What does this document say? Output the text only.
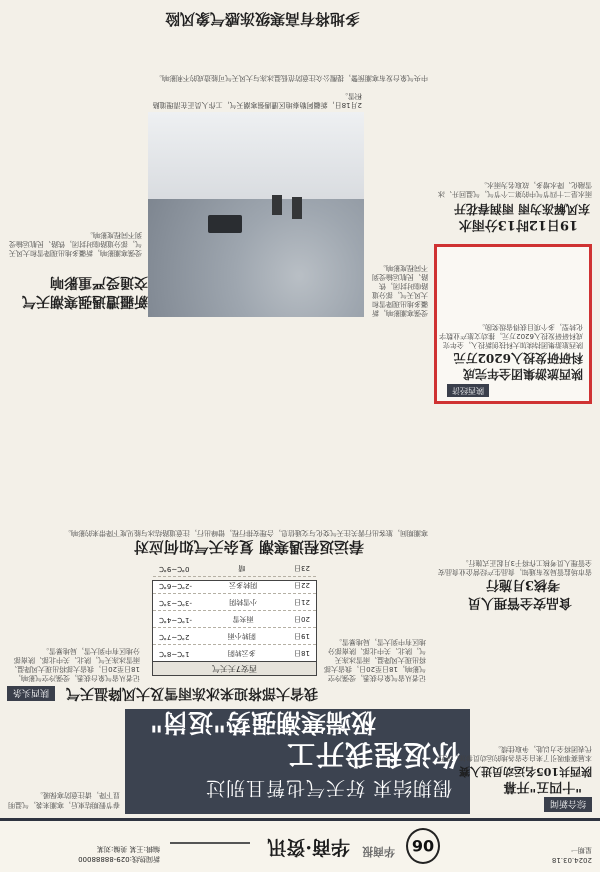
2024.03.18
星期一
06
华商报
华商·资讯
新闻热线:029-88888000
编辑:王某 美编:刘某
假期结束 好天气也暂且别过
你返程我开工
极端寒潮强势"返岗"
春节假期结束后，寒潮来袭，气温明显下降，请注意防寒保暖。
陕西头条	我省大部将迎来冰冻雨雪及大风降温天气
记者从省气象台获悉，受强冷空气影响，18日至20日，我省大部将出现大风降温、雨雪冰冻天气，陕北、关中北部、陕南部分地区有中到大雪，局地暴雪。
记者从省气象台获悉，受强冷空气影响，18日至20日，我省大部将出现大风降温、雨雪冰冻天气，陕北、关中北部、陕南部分地区有中到大雪，局地暴雪。
西安7天天气
18日
多云转阴
1℃~8℃
19日
阴转小雨
2℃~7℃
20日
雨夹雪
-1℃~4℃
21日
小雪转阴
-3℃~3℃
22日
阴转多云
-2℃~6℃
23日
晴
0℃~9℃
春运返程遇寒潮 复杂天气如何应对
寒潮期间，旅客出行需关注天气变化与交通信息，合理安排行程，错峰出行，注意道路结冰与能见度下降带来的影响。
新疆遭遇强寒潮天气
交通受严重影响
受强寒潮影响，新疆多地出现降雪和大风天气，部分道路临时封闭，铁路、民航运输受到不同程度影响。
受强寒潮影响，新疆多地出现降雪和大风天气，部分道路临时封闭，铁路、民航运输受到不同程度影响。
2月18日，新疆阿勒泰地区遭遇强寒潮天气，工作人员正在清理道路积雪。
多地将有高寒级冻感气象风险
中央气象台发布寒潮预警，提醒公众注意防范低温冰冻与大风天气可能造成的不利影响。
综合新闻
"十四五"开幕
陕西共105名运动员进入赛
本届赛事吸引了来自全省各地的运动员参加，陕西代表团将全力以赴，争取佳绩。
食品安全管理人员
考核3月施行
省市场监管局发布通知，食品生产经营企业食品安全管理人员考核工作将于3月起正式施行。
陕西经济
陕西旅游集团全年完成
科研研发投入6202万元
陕西旅游集团持续加大科技创新投入，全年完成科研研发投入6202万元，推动文旅产业数字化转型，多个项目获得省级奖励。
19日12时13分雨水
东风解冻为雨 雨润春花开
雨水是二十四节气中的第二个节气，气温回升、冰雪融化、降水增多，故取名为雨水。
